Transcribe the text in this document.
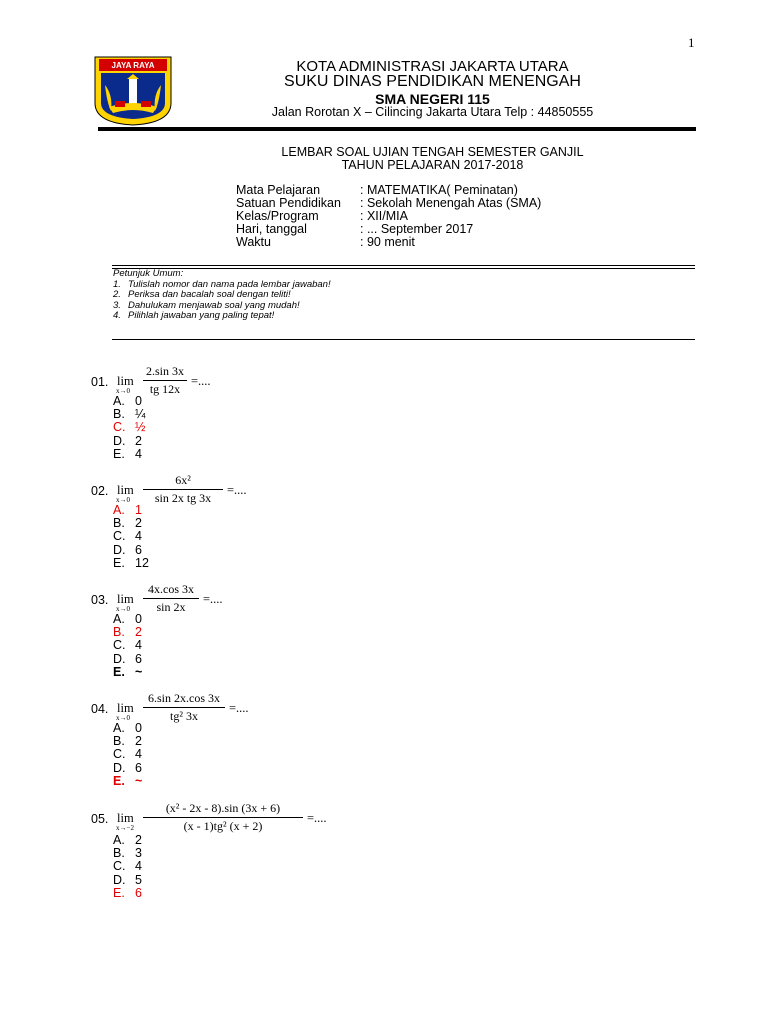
1
JAYA RAYA	KOTA ADMINISTRASI JAKARTA UTARA
SUKU DINAS PENDIDIKAN MENENGAH
SMA NEGERI 115
Jalan Rorotan X – Cilincing Jakarta Utara Telp : 44850555
LEMBAR SOAL UJIAN TENGAH SEMESTER GANJIL
TAHUN PELAJARAN 2017-2018
Mata Pelajaran	: MATEMATIKA( Peminatan)
Satuan Pendidikan	: Sekolah Menengah Atas (SMA)
Kelas/Program	: XII/MIA
Hari, tanggal	: ... September 2017
Waktu	: 90 menit
Petunjuk Umum:
1. Tulislah nomor dan nama pada lembar jawaban!
2. Periksa dan bacalah soal dengan teliti!
3. Dahulukam menjawab soal yang mudah!
4. Pilihlah jawaban yang paling tepat!
01. lim
x→0
2.sin 3x
tg 12x
=....
A. 0
B. ¼
C. ½
D. 2
E. 4
02. lim
x→0
6x²
sin 2x tg 3x
=....
A. 1
B. 2
C. 4
D. 6
E. 12
03. lim
x→0
4x.cos 3x
sin 2x
=....
A. 0
B. 2
C. 4
D. 6
E. ~
04. lim
x→0
6.sin 2x.cos 3x
tg² 3x
=....
A. 0
B. 2
C. 4
D. 6
E. ~
05. lim
x→−2
(x² - 2x - 8).sin (3x + 6)
(x - 1)tg² (x + 2)
=....
A. 2
B. 3
C. 4
D. 5
E. 6
